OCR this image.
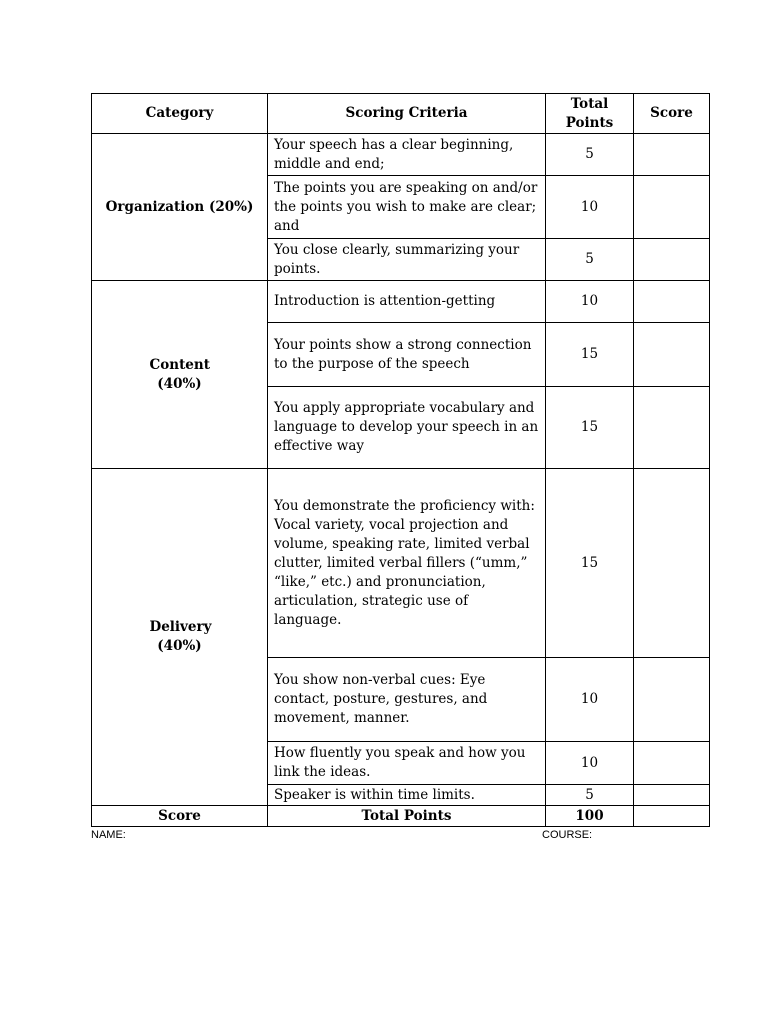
Category	Scoring Criteria	Total Points	Score
Organization (20%)	Your speech has a clear beginning, middle and end;	5	
	The points you are speaking on and/or the points you wish to make are clear; and	10	
	You close clearly, summarizing your points.	5	
Content (40%)	Introduction is attention-getting	10	
	Your points show a strong connection to the purpose of the speech	15	
	You apply appropriate vocabulary and language to develop your speech in an effective way	15	
Delivery (40%)	You demonstrate the proficiency with: Vocal variety, vocal projection and volume, speaking rate, limited verbal clutter, limited verbal fillers (“umm,” “like,” etc.) and pronunciation, articulation, strategic use of language.	15	
	You show non-verbal cues: Eye contact, posture, gestures, and movement, manner.	10	
	How fluently you speak and how you link the ideas.	10	
	Speaker is within time limits.	5	
Score	Total Points	100	
NAME:	COURSE:
